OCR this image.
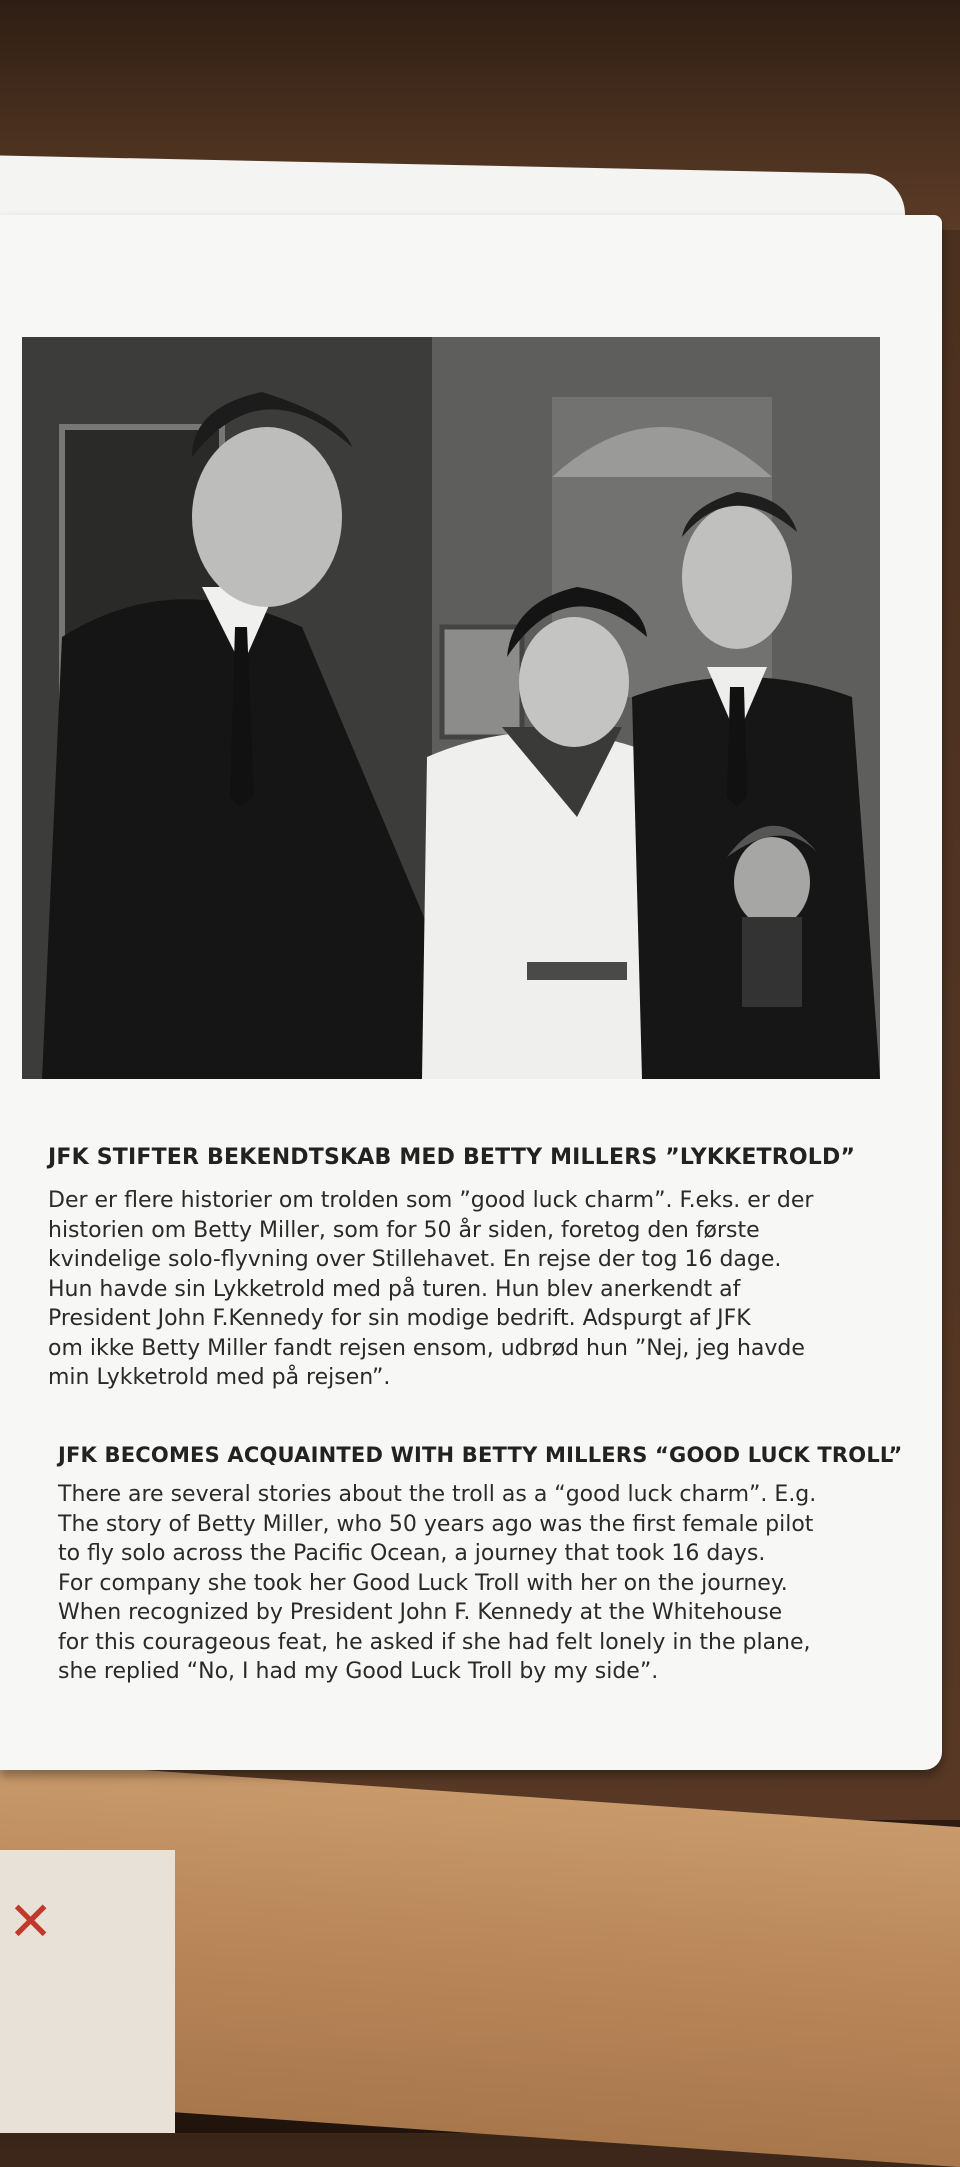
✕
JFK STIFTER BEKENDTSKAB MED BETTY MILLERS ”LYKKETROLD”
Der er flere historier om trolden som ”good luck charm”. F.eks. er der
historien om Betty Miller, som for 50 år siden, foretog den første
kvindelige solo-flyvning over Stillehavet. En rejse der tog 16 dage.
Hun havde sin Lykketrold med på turen. Hun blev anerkendt af
President John F.Kennedy for sin modige bedrift. Adspurgt af JFK
om ikke Betty Miller fandt rejsen ensom, udbrød hun ”Nej, jeg havde
min Lykketrold med på rejsen”.
JFK BECOMES ACQUAINTED WITH BETTY MILLERS “GOOD LUCK TROLL”
There are several stories about the troll as a “good luck charm”. E.g.
The story of Betty Miller, who 50 years ago was the first female pilot
to fly solo across the Pacific Ocean, a journey that took 16 days.
For company she took her Good Luck Troll with her on the journey.
When recognized by President John F. Kennedy at the Whitehouse
for this courageous feat, he asked if she had felt lonely in the plane,
she replied “No, I had my Good Luck Troll by my side”.
